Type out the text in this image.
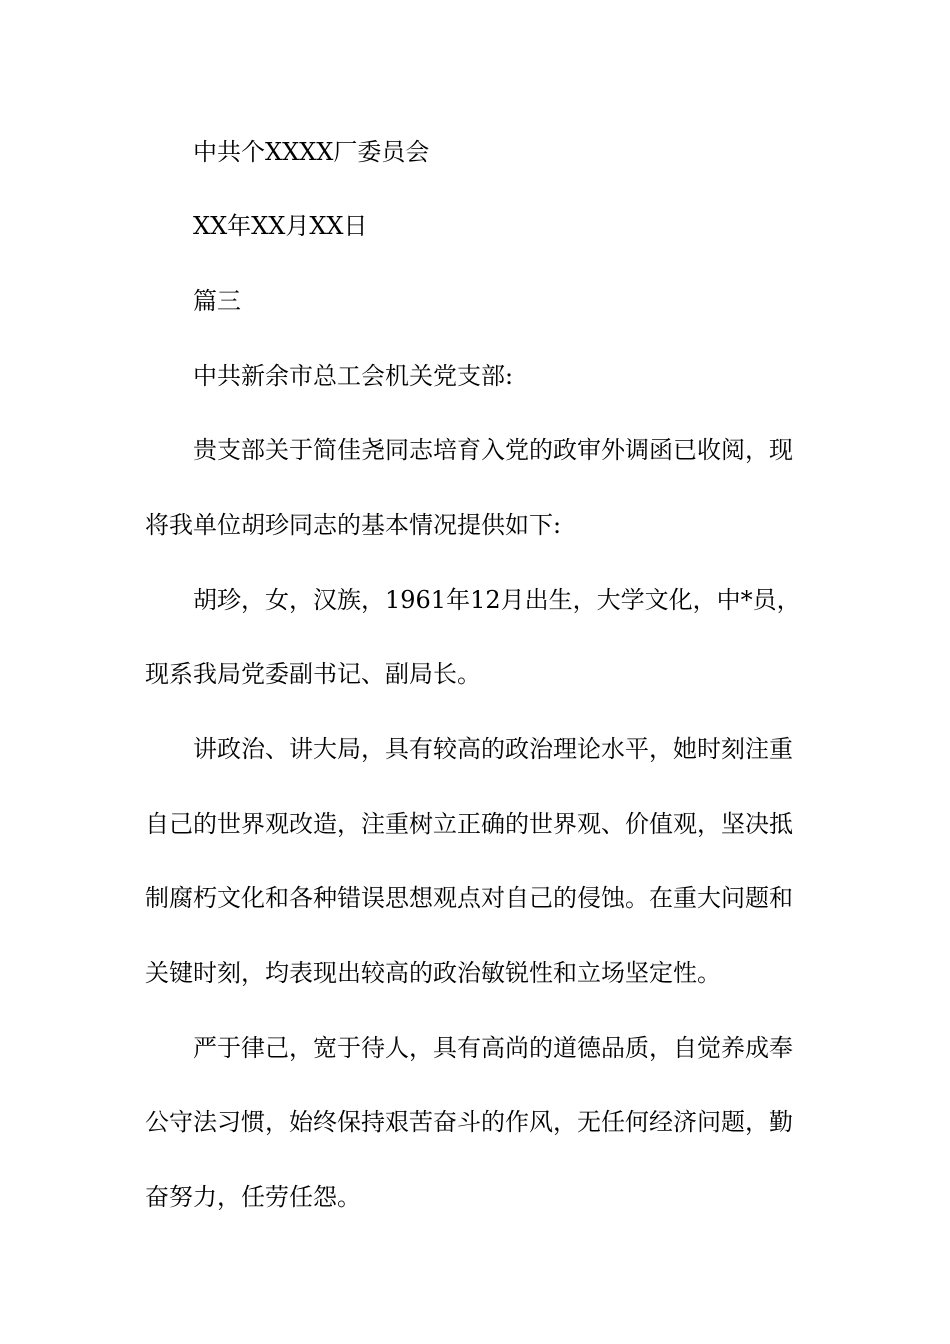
中共个XXXX厂委员会
XX年XX月XX日
篇三
中共新余市总工会机关党支部:
贵支部关于简佳尧同志培育入党的政审外调函已收阅，现
将我单位胡珍同志的基本情况提供如下:
胡珍，女，汉族，1961年12月出生，大学文化，中*员，
现系我局党委副书记、副局长。
讲政治、讲大局，具有较高的政治理论水平，她时刻注重
自己的世界观改造，注重树立正确的世界观、价值观，坚决抵
制腐朽文化和各种错误思想观点对自己的侵蚀。在重大问题和
关键时刻，均表现出较高的政治敏锐性和立场坚定性。
严于律己，宽于待人，具有高尚的道德品质，自觉养成奉
公守法习惯，始终保持艰苦奋斗的作风，无任何经济问题，勤
奋努力，任劳任怨。
